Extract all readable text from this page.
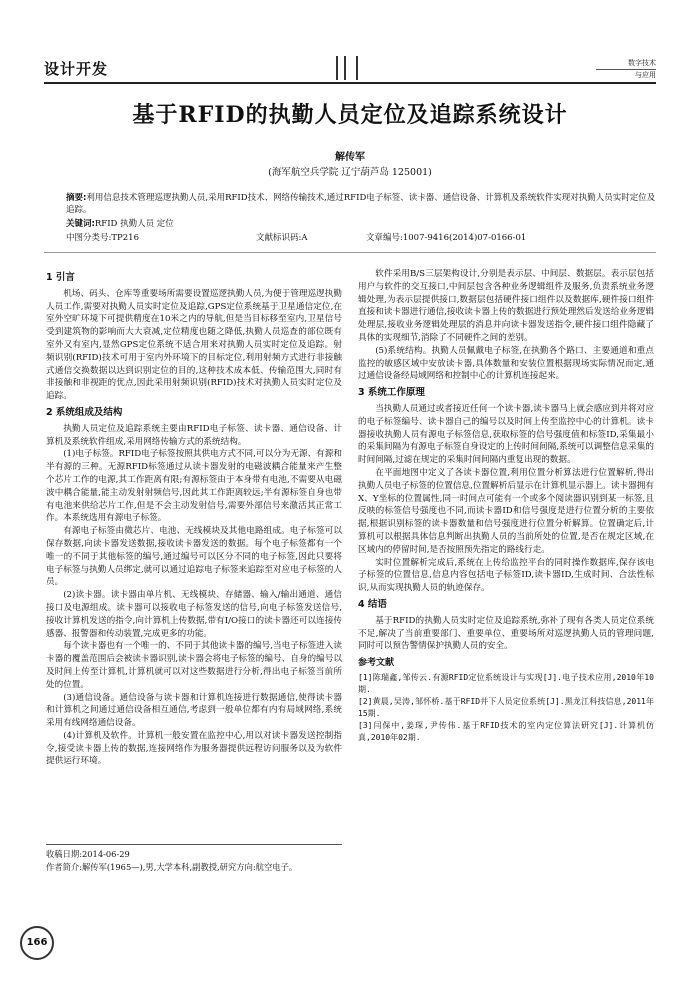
设计开发	数字技术
与应用
基于RFID的执勤人员定位及追踪系统设计
解传军
(海军航空兵学院 辽宁葫芦岛 125001)
摘要:利用信息技术管理巡逻执勤人员,采用RFID技术、网络传输技术,通过RFID电子标签、读卡器、通信设备、计算机及系统软件实现对执勤人员实时定位及追踪。
关键词:RFID 执勤人员 定位
中图分类号:TP216	文献标识码:A	文章编号:1007-9416(2014)07-0166-01
1 引言

机场、码头、仓库等重要场所需要设置巡逻执勤人员,为便于管理巡逻执勤人员工作,需要对执勤人员实时定位及追踪,GPS定位系统基于卫星通信定位,在室外空旷环境下可提供精度在10米之内的导航,但是当目标移至室内,卫星信号受到建筑物的影响而大大衰减,定位精度也随之降低,执勤人员巡查的部位既有室外又有室内,显然GPS定位系统不适合用来对执勤人员实时定位及追踪。射频识别(RFID)技术可用于室内外环境下的目标定位,利用射频方式进行非接触式通信交换数据以达到识别定位的目的,这种技术成本低、传输范围大,同时有非接触和非视距的优点,因此采用射频识别(RFID)技术对执勤人员实时定位及追踪。

2 系统组成及结构

执勤人员定位及追踪系统主要由RFID电子标签、读卡器、通信设备、计算机及系统软件组成,采用网络传输方式的系统结构。

(1)电子标签。RFID电子标签按照其供电方式不同,可以分为无源、有源和半有源的三种。无源RFID标签通过从读卡器发射的电磁波耦合能量来产生整个芯片工作的电源,其工作距离有限;有源标签由于本身带有电池,不需要从电磁波中耦合能量,能主动发射射频信号,因此其工作距离较远;半有源标签自身也带有电池来供给芯片工作,但是不会主动发射信号,需要外部信号来激活其正常工作。本系统选用有源电子标签。

有源电子标签由微芯片、电池、无线模块及其他电路组成。电子标签可以保存数据,向读卡器发送数据,接收读卡器发送的数据。每个电子标签都有一个唯一的不同于其他标签的编号,通过编号可以区分不同的电子标签,因此只要将电子标签与执勤人员绑定,就可以通过追踪电子标签来追踪至对应电子标签的人员。

(2)读卡器。读卡器由单片机、无线模块、存储器、输入/输出通道、通信接口及电源组成。读卡器可以接收电子标签发送的信号,向电子标签发送信号,接收计算机发送的指令,向计算机上传数据,带有I/O接口的读卡器还可以连接传感器、报警器和传动装置,完成更多的功能。

每个读卡器也有一个唯一的、不同于其他读卡器的编号,当电子标签进入读卡器的覆盖范围后会被读卡器识别,读卡器会将电子标签的编号、自身的编号以及时间上传至计算机,计算机就可以对这些数据进行分析,得出电子标签当前所处的位置。

(3)通信设备。通信设备与读卡器和计算机连接进行数据通信,使得读卡器和计算机之间通过通信设备相互通信,考虑到一般单位都有内有局域网络,系统采用有线网络通信设备。

(4)计算机及软件。计算机一般安置在监控中心,用以对读卡器发送控制指令,接受读卡器上传的数据,连接网络作为服务器提供远程访问服务以及为软件提供运行环境。

软件采用B/S三层架构设计,分别是表示层、中间层、数据层。表示层包括用户与软件的交互接口,中间层包含各种业务逻辑组件及服务,负责系统业务逻辑处理,为表示层提供接口,数据层包括硬件接口组件以及数据库,硬件接口组件直接和读卡器进行通信,接收读卡器上传的数据进行预处理然后发送给业务逻辑处理层,接收业务逻辑处理层的消息并向读卡器发送指令,硬件接口组件隐藏了具体的实现细节,消除了不同硬件之间的差别。

(5)系统结构。执勤人员佩戴电子标签,在执勤各个路口、主要通道和重点监控的敏感区域中安放读卡器,具体数量和安装位置根据现场实际情况而定,通过通信设备经局域网络和控制中心的计算机连接起来。

3 系统工作原理

当执勤人员通过或者接近任何一个读卡器,读卡器马上就会感应到并将对应的电子标签编号、读卡器自己的编号以及时间上传至监控中心的计算机。读卡器接收执勤人员有源电子标签信息,获取标签的信号强度值和标签ID,采集最小的采集间隔为有源电子标签自身设定的上传时间间隔,系统可以调整信息采集的时间间隔,过滤在规定的采集时间间隔内重复出现的数据。

在平面地图中定义了各读卡器位置,利用位置分析算法进行位置解析,得出执勤人员电子标签的位置信息,位置解析后显示在计算机显示器上。读卡器拥有X、Y坐标的位置属性,同一时间点可能有一个或多个阅读器识别到某一标签,且反映的标签信号强度也不同,而读卡器ID和信号强度是进行位置分析的主要依据,根据识别标签的读卡器数量和信号强度进行位置分析解算。位置确定后,计算机可以根据具体信息判断出执勤人员的当前所处的位置,是否在规定区域,在区域内的停留时间,是否按照预先指定的路线行走。

实时位置解析完成后,系统在上传给监控平台的同时操作数据库,保存该电子标签的位置信息,信息内容包括电子标签ID,读卡器ID,生成时间、合法性标识,从而实现执勤人员的轨迹保存。

4 结语

基于RFID的执勤人员实时定位及追踪系统,弥补了现有各类人员定位系统不足,解决了当前重要部门、重要单位、重要场所对巡逻执勤人员的管理问题,同时可以预告警情保护执勤人员的安全。

参考文献

[1]陈瑞鑫,邹传云.有源RFID定位系统设计与实现[J].电子技术应用,2010年10期.

[2]黄晨,吴涛,邹怀桥.基于RFID井下人员定位系统[J].黑龙江科技信息,2011年15期.

[3]闫保中,姜琛,尹传伟.基于RFID技术的室内定位算法研究[J].计算机仿真,2010年02期.

收稿日期:2014-06-29
作者简介:解传军(1965—),男,大学本科,副教授,研究方向:航空电子。
166
